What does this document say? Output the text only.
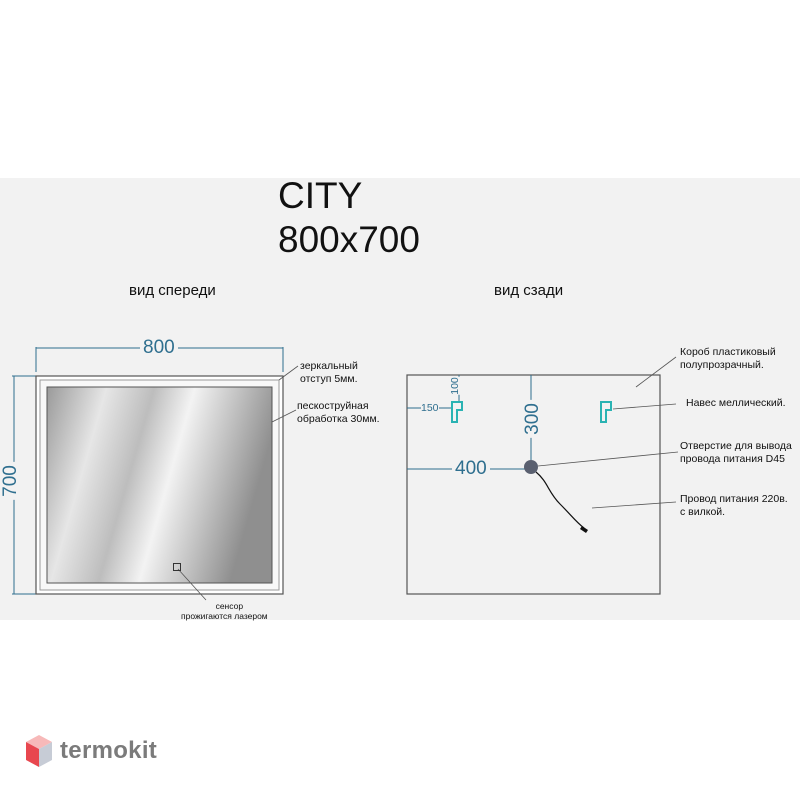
CITY
800x700
вид спереди	вид сзади
800
700
зеркальный
отступ 5мм.
пескоструйная
обработка 30мм.
сенсор
прожигаются лазером
100
150	300
400
Короб пластиковый
полупрозрачный.
Навес меллический.
Отверстие для вывода
провода питания D45
Провод питания 220в.
с вилкой.
termokit
